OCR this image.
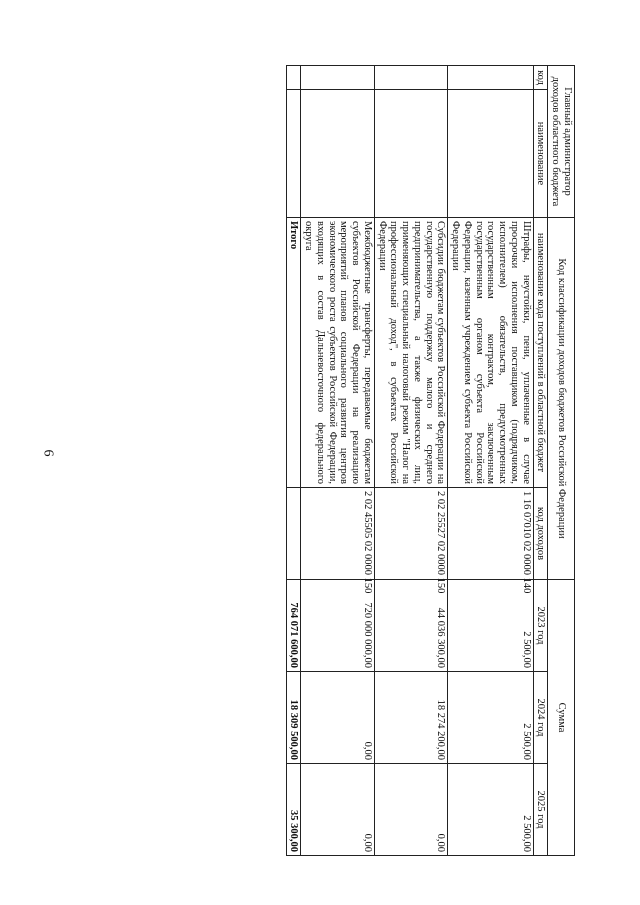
6
Главный администратор доходов областного бюджета		Код классификации доходов бюджетов Российской Федерации		Сумма		
код	наименование	наименование кода поступлений в областной бюджет	код доходов	2023 год	2024 год	2025 год
		Штрафы, неустойки, пени, уплаченные в случае просрочки исполнения поставщиком (подрядчиком, исполнителем) обязательств, предусмотренных государственным контрактом, заключенным государственным органом субъекта Российской Федерации, казенным учреждением субъекта Российской Федерации	1 16 07010 02 0000 140	2 500,00	2 500,00	2 500,00
		Субсидии бюджетам субъектов Российской Федерации на государственную поддержку малого и среднего предпринимательства, а также физических лиц, применяющих специальный налоговый режим "Налог на профессиональный доход", в субъектах Российской Федерации	2 02 25527 02 0000 150	44 036 300,00	18 274 200,00	0,00
		Межбюджетные трансферты, передаваемые бюджетам субъектов Российской Федерации на реализацию мероприятий планов социального развития центров экономического роста субъектов Российской Федерации, входящих в состав Дальневосточного федерального округа	2 02 45505 02 0000 150	720 000 000,00	0,00	0,00
		Итого		764 071 600,00	18 309 500,00	35 300,00
